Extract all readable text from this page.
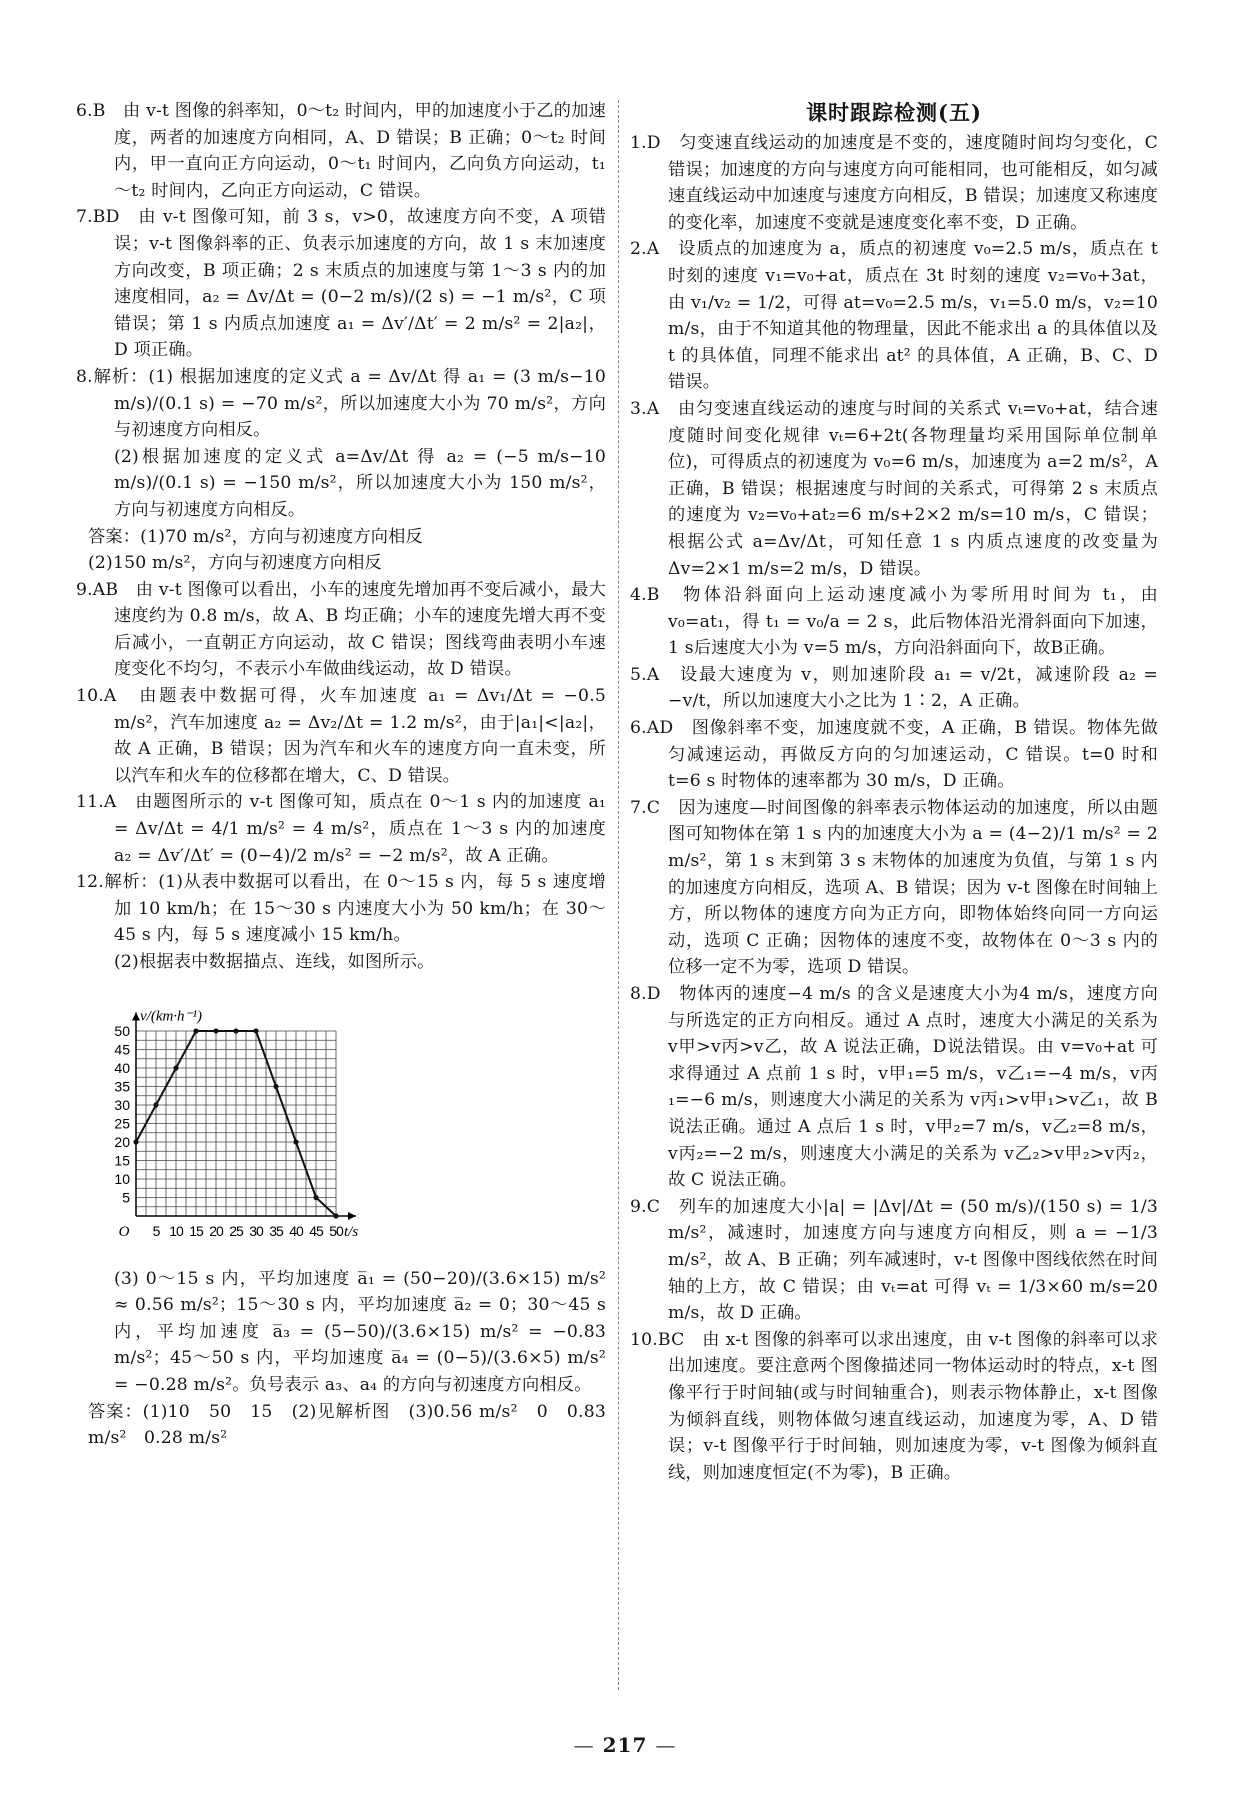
6.B　由 v-t 图像的斜率知，0～t₂ 时间内，甲的加速度小于乙的加速度，两者的加速度方向相同，A、D 错误；B 正确；0～t₂ 时间内，甲一直向正方向运动，0～t₁ 时间内，乙向负方向运动，t₁～t₂ 时间内，乙向正方向运动，C 错误。

7.BD　由 v-t 图像可知，前 3 s，v>0，故速度方向不变，A 项错误；v-t 图像斜率的正、负表示加速度的方向，故 1 s 末加速度方向改变，B 项正确；2 s 末质点的加速度与第 1～3 s 内的加速度相同，a₂ = Δv/Δt = (0−2 m/s)/(2 s) = −1 m/s²，C 项错误；第 1 s 内质点加速度 a₁ = Δv′/Δt′ = 2 m/s² = 2|a₂|，D 项正确。

8.解析：(1) 根据加速度的定义式 a = Δv/Δt 得 a₁ = (3 m/s−10 m/s)/(0.1 s) = −70 m/s²，所以加速度大小为 70 m/s²，方向与初速度方向相反。

(2)根据加速度的定义式 a=Δv/Δt 得 a₂ = (−5 m/s−10 m/s)/(0.1 s) = −150 m/s²，所以加速度大小为 150 m/s²，方向与初速度方向相反。

答案：(1)70 m/s²，方向与初速度方向相反

(2)150 m/s²，方向与初速度方向相反

9.AB　由 v-t 图像可以看出，小车的速度先增加再不变后减小，最大速度约为 0.8 m/s，故 A、B 均正确；小车的速度先增大再不变后减小，一直朝正方向运动，故 C 错误；图线弯曲表明小车速度变化不均匀，不表示小车做曲线运动，故 D 错误。

10.A　由题表中数据可得，火车加速度 a₁ = Δv₁/Δt = −0.5 m/s²，汽车加速度 a₂ = Δv₂/Δt = 1.2 m/s²，由于|a₁|<|a₂|，故 A 正确，B 错误；因为汽车和火车的速度方向一直未变，所以汽车和火车的位移都在增大，C、D 错误。

11.A　由题图所示的 v-t 图像可知，质点在 0～1 s 内的加速度 a₁ = Δv/Δt = 4/1 m/s² = 4 m/s²，质点在 1～3 s 内的加速度 a₂ = Δv′/Δt′ = (0−4)/2 m/s² = −2 m/s²，故 A 正确。

12.解析：(1)从表中数据可以看出，在 0～15 s 内，每 5 s 速度增加 10 km/h；在 15～30 s 内速度大小为 50 km/h；在 30～45 s 内，每 5 s 速度减小 15 km/h。

(2)根据表中数据描点、连线，如图所示。

5
10
15
20
25
30
35
40
45
50
5 10 15 20 25 30 35 40 45 50
O
v/(km·h⁻¹)
t/s

(3) 0～15 s 内，平均加速度 a̅₁ = (50−20)/(3.6×15) m/s² ≈ 0.56 m/s²；15～30 s 内，平均加速度 a̅₂ = 0；30～45 s 内，平均加速度 a̅₃ = (5−50)/(3.6×15) m/s² = −0.83 m/s²；45～50 s 内，平均加速度 a̅₄ = (0−5)/(3.6×5) m/s² = −0.28 m/s²。负号表示 a₃、a₄ 的方向与初速度方向相反。

答案：(1)10　50　15　(2)见解析图　(3)0.56 m/s²　0　0.83 m/s²　0.28 m/s²

课时跟踪检测(五)

1.D　匀变速直线运动的加速度是不变的，速度随时间均匀变化，C 错误；加速度的方向与速度方向可能相同，也可能相反，如匀减速直线运动中加速度与速度方向相反，B 错误；加速度又称速度的变化率，加速度不变就是速度变化率不变，D 正确。

2.A　设质点的加速度为 a，质点的初速度 v₀=2.5 m/s，质点在 t 时刻的速度 v₁=v₀+at，质点在 3t 时刻的速度 v₂=v₀+3at，由 v₁/v₂ = 1/2，可得 at=v₀=2.5 m/s，v₁=5.0 m/s，v₂=10 m/s，由于不知道其他的物理量，因此不能求出 a 的具体值以及 t 的具体值，同理不能求出 at² 的具体值，A 正确，B、C、D 错误。

3.A　由匀变速直线运动的速度与时间的关系式 vₜ=v₀+at，结合速度随时间变化规律 vₜ=6+2t(各物理量均采用国际单位制单位)，可得质点的初速度为 v₀=6 m/s，加速度为 a=2 m/s²，A 正确，B 错误；根据速度与时间的关系式，可得第 2 s 末质点的速度为 v₂=v₀+at₂=6 m/s+2×2 m/s=10 m/s，C 错误；根据公式 a=Δv/Δt，可知任意 1 s 内质点速度的改变量为 Δv=2×1 m/s=2 m/s，D 错误。

4.B　物体沿斜面向上运动速度减小为零所用时间为 t₁，由 v₀=at₁，得 t₁ = v₀/a = 2 s，此后物体沿光滑斜面向下加速，1 s后速度大小为 v=5 m/s，方向沿斜面向下，故B正确。

5.A　设最大速度为 v，则加速阶段 a₁ = v/2t，减速阶段 a₂ = −v/t，所以加速度大小之比为 1∶2，A 正确。

6.AD　图像斜率不变，加速度就不变，A 正确，B 错误。物体先做匀减速运动，再做反方向的匀加速运动，C 错误。t=0 时和 t=6 s 时物体的速率都为 30 m/s，D 正确。

7.C　因为速度—时间图像的斜率表示物体运动的加速度，所以由题图可知物体在第 1 s 内的加速度大小为 a = (4−2)/1 m/s² = 2 m/s²，第 1 s 末到第 3 s 末物体的加速度为负值，与第 1 s 内的加速度方向相反，选项 A、B 错误；因为 v-t 图像在时间轴上方，所以物体的速度方向为正方向，即物体始终向同一方向运动，选项 C 正确；因物体的速度不变，故物体在 0～3 s 内的位移一定不为零，选项 D 错误。

8.D　物体丙的速度−4 m/s 的含义是速度大小为4 m/s，速度方向与所选定的正方向相反。通过 A 点时，速度大小满足的关系为 v甲>v丙>v乙，故 A 说法正确，D说法错误。由 v=v₀+at 可求得通过 A 点前 1 s 时，v甲₁=5 m/s，v乙₁=−4 m/s，v丙₁=−6 m/s，则速度大小满足的关系为 v丙₁>v甲₁>v乙₁，故 B 说法正确。通过 A 点后 1 s 时，v甲₂=7 m/s，v乙₂=8 m/s，v丙₂=−2 m/s，则速度大小满足的关系为 v乙₂>v甲₂>v丙₂，故 C 说法正确。

9.C　列车的加速度大小|a| = |Δv|/Δt = (50 m/s)/(150 s) = 1/3 m/s²，减速时，加速度方向与速度方向相反，则 a = −1/3 m/s²，故 A、B 正确；列车减速时，v-t 图像中图线依然在时间轴的上方，故 C 错误；由 vₜ=at 可得 vₜ = 1/3×60 m/s=20 m/s，故 D 正确。

10.BC　由 x-t 图像的斜率可以求出速度，由 v-t 图像的斜率可以求出加速度。要注意两个图像描述同一物体运动时的特点，x-t 图像平行于时间轴(或与时间轴重合)，则表示物体静止，x-t 图像为倾斜直线，则物体做匀速直线运动，加速度为零，A、D 错误；v-t 图像平行于时间轴，则加速度为零，v-t 图像为倾斜直线，则加速度恒定(不为零)，B 正确。

— 217 —
